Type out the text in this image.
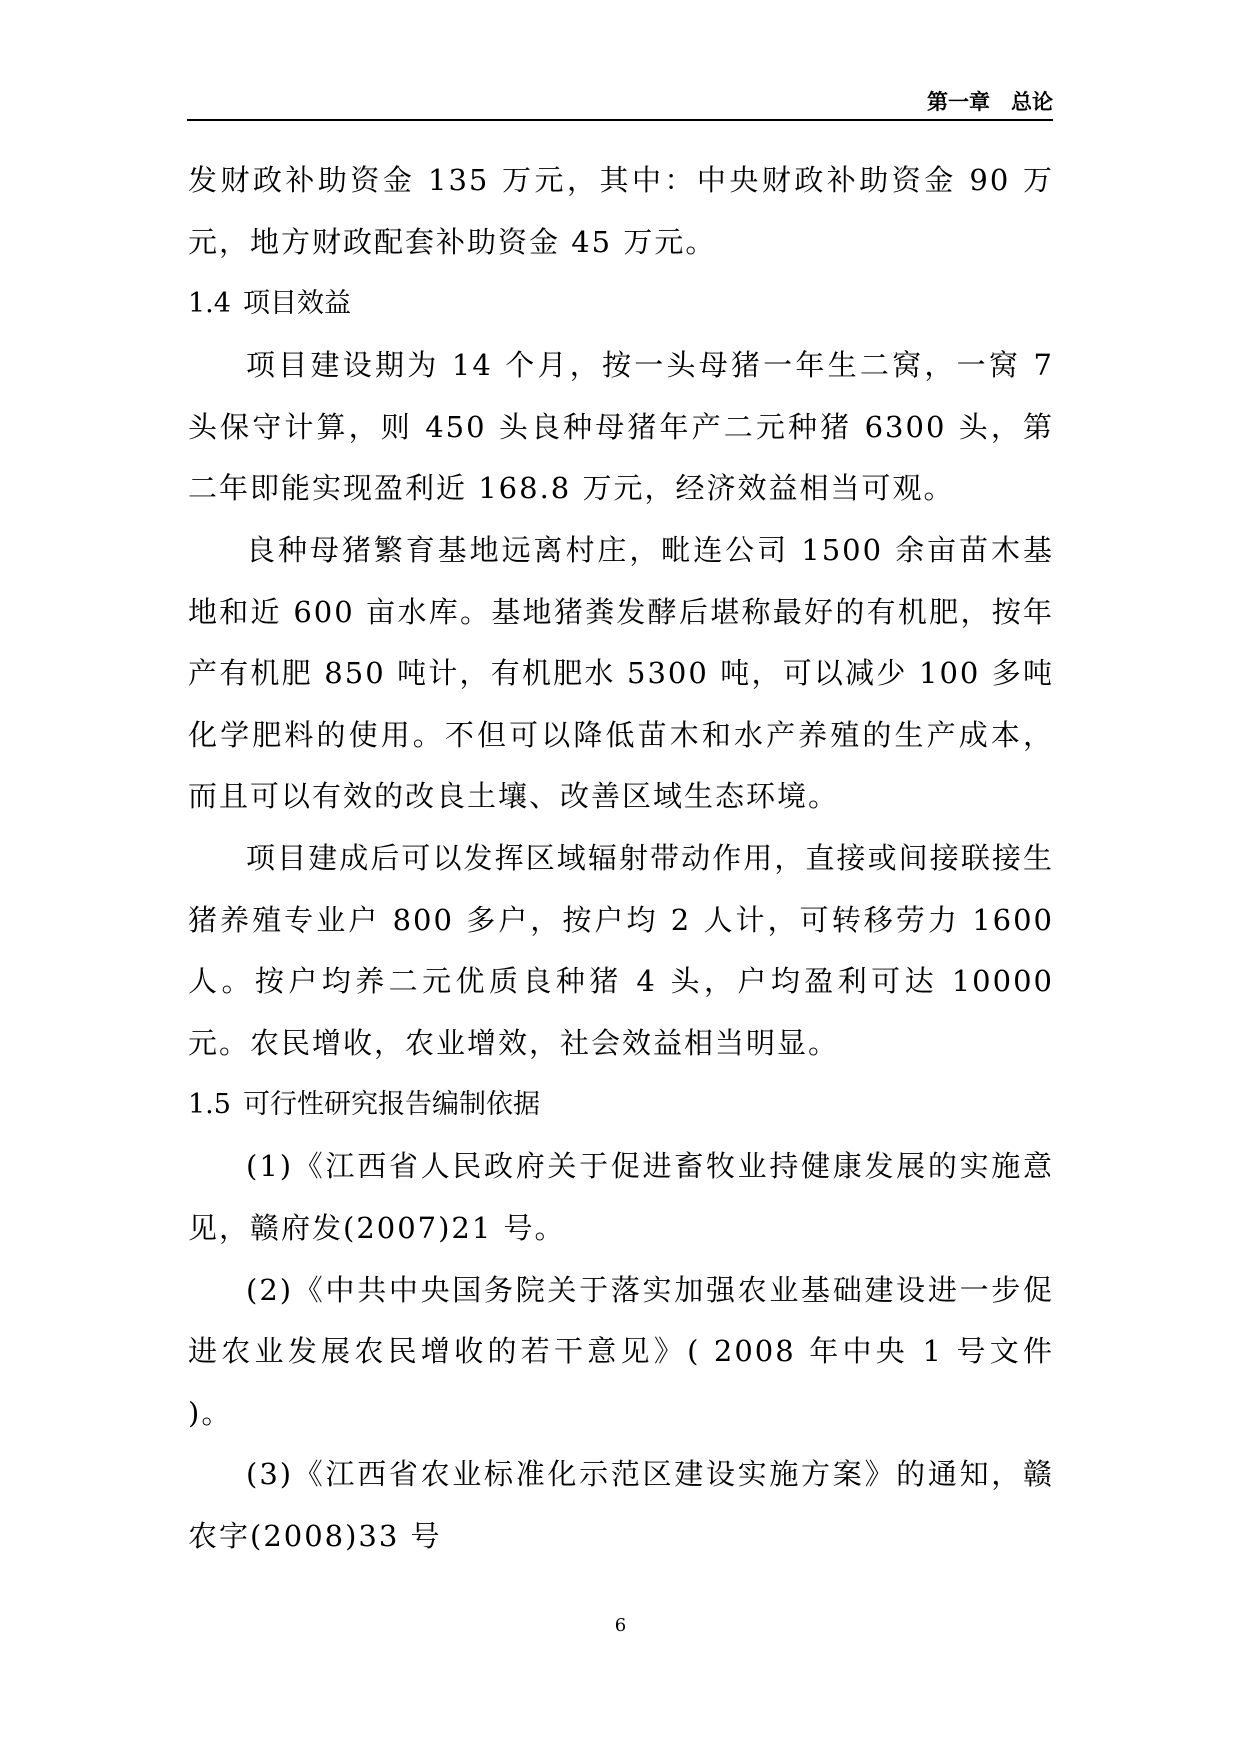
第一章　总论

发财政补助资金 135 万元，其中：中央财政补助资金 90 万元，地方财政配套补助资金 45 万元。

1.4 项目效益

项目建设期为 14 个月，按一头母猪一年生二窝，一窝 7 头保守计算，则 450 头良种母猪年产二元种猪 6300 头，第二年即能实现盈利近 168.8 万元，经济效益相当可观。

良种母猪繁育基地远离村庄，毗连公司 1500 余亩苗木基地和近 600 亩水库。基地猪粪发酵后堪称最好的有机肥，按年产有机肥 850 吨计，有机肥水 5300 吨，可以减少 100 多吨化学肥料的使用。不但可以降低苗木和水产养殖的生产成本，而且可以有效的改良土壤、改善区域生态环境。

项目建成后可以发挥区域辐射带动作用，直接或间接联接生猪养殖专业户 800 多户，按户均 2 人计，可转移劳力 1600 人。按户均养二元优质良种猪 4 头，户均盈利可达 10000 元。农民增收，农业增效，社会效益相当明显。

1.5 可行性研究报告编制依据

(1)《江西省人民政府关于促进畜牧业持健康发展的实施意见，赣府发(2007)21 号。

(2)《中共中央国务院关于落实加强农业基础建设进一步促进农业发展农民增收的若干意见》( 2008 年中央 1 号文件 )。

(3)《江西省农业标准化示范区建设实施方案》的通知，赣农字(2008)33 号

6
